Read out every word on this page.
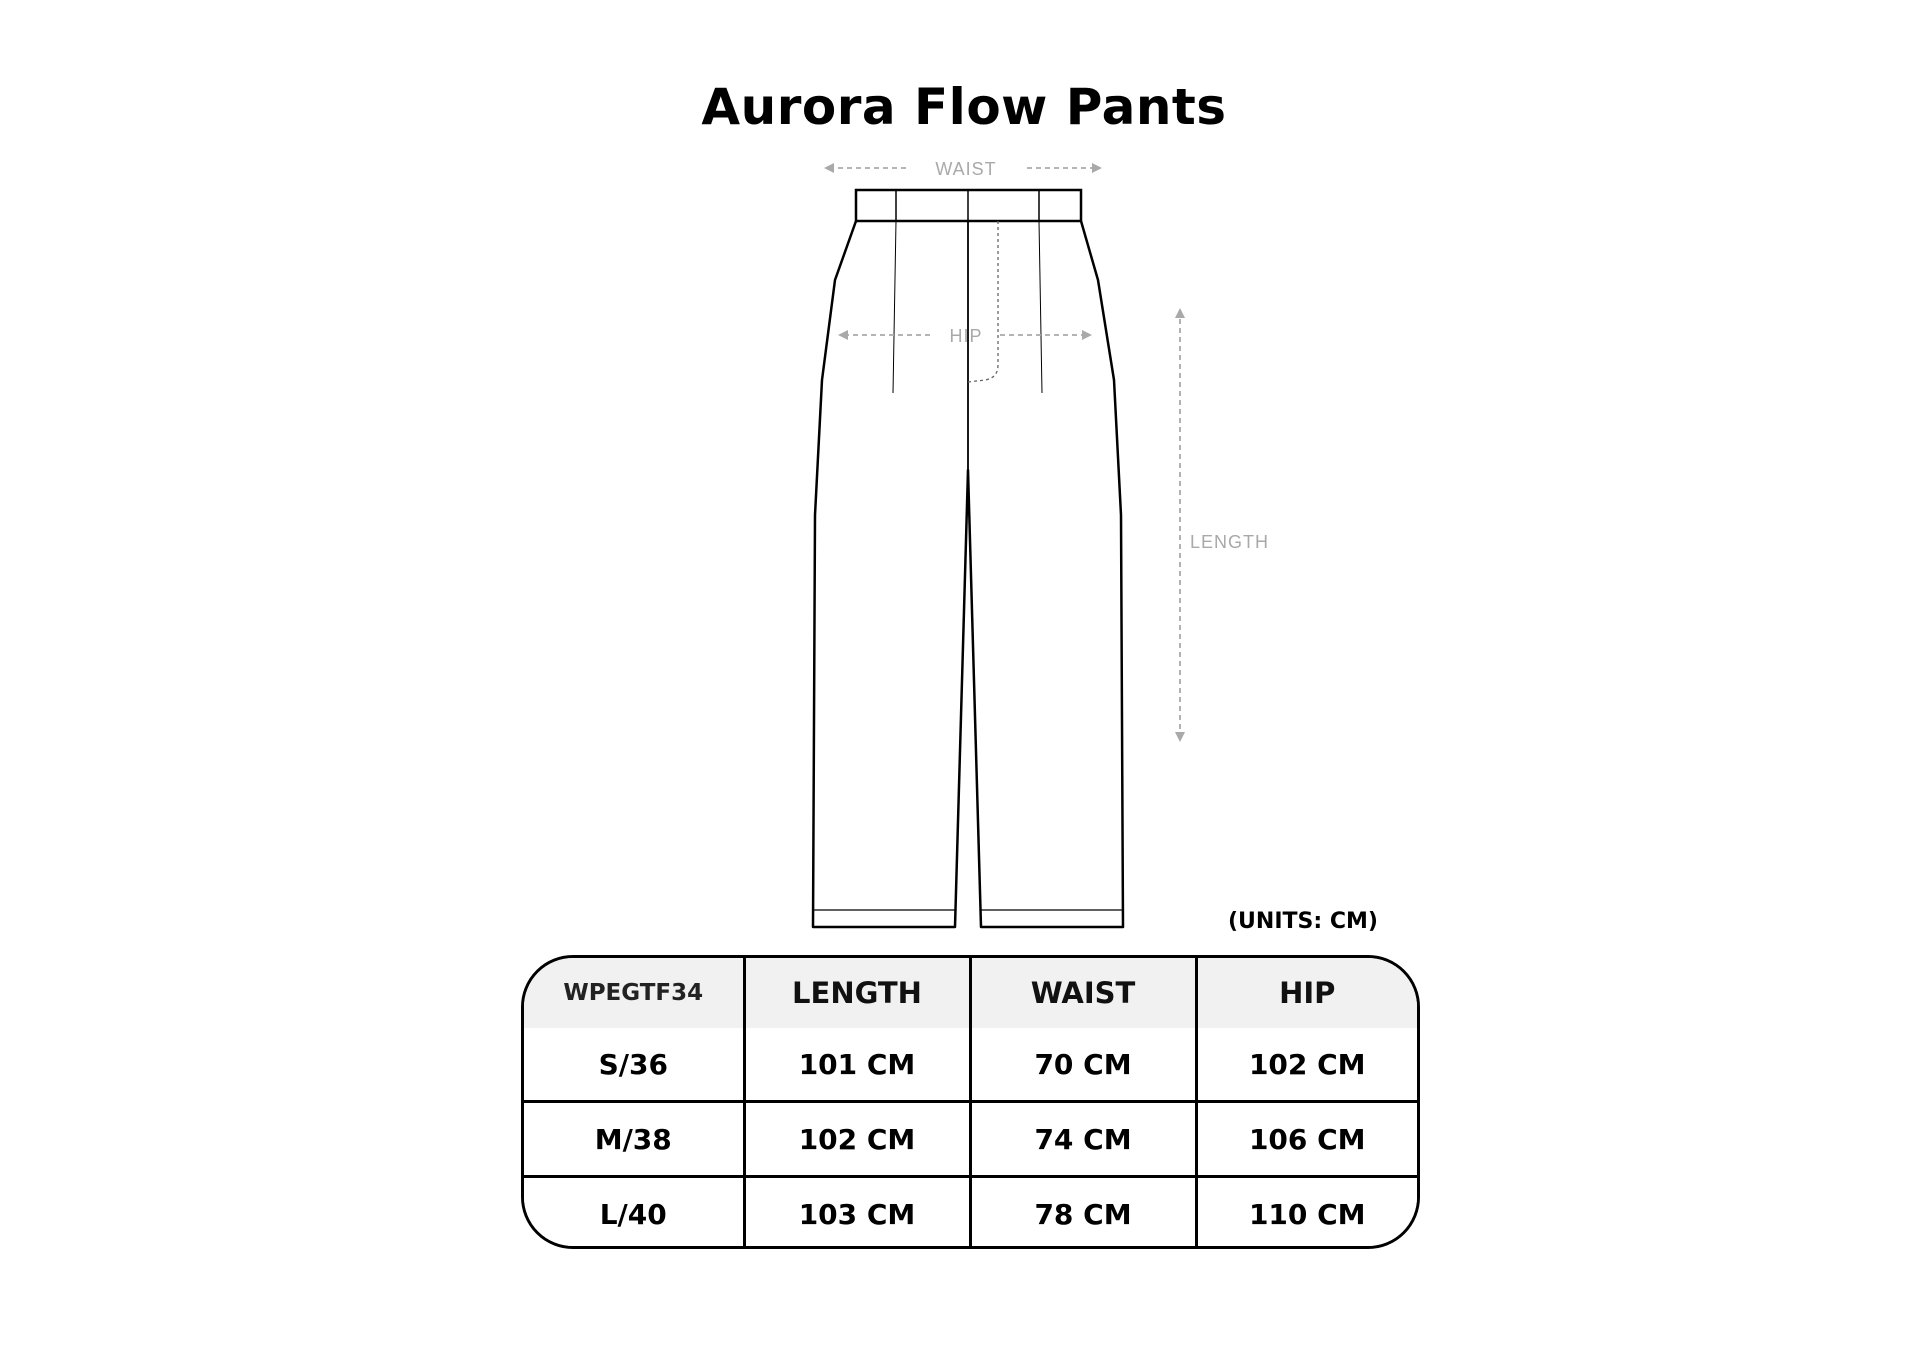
Aurora Flow Pants
WAIST
HIP
LENGTH
(UNITS: CM)
WPEGTF34	LENGTH	WAIST	HIP
S/36	101 CM	70 CM	102 CM
M/38	102 CM	74 CM	106 CM
L/40	103 CM	78 CM	110 CM
